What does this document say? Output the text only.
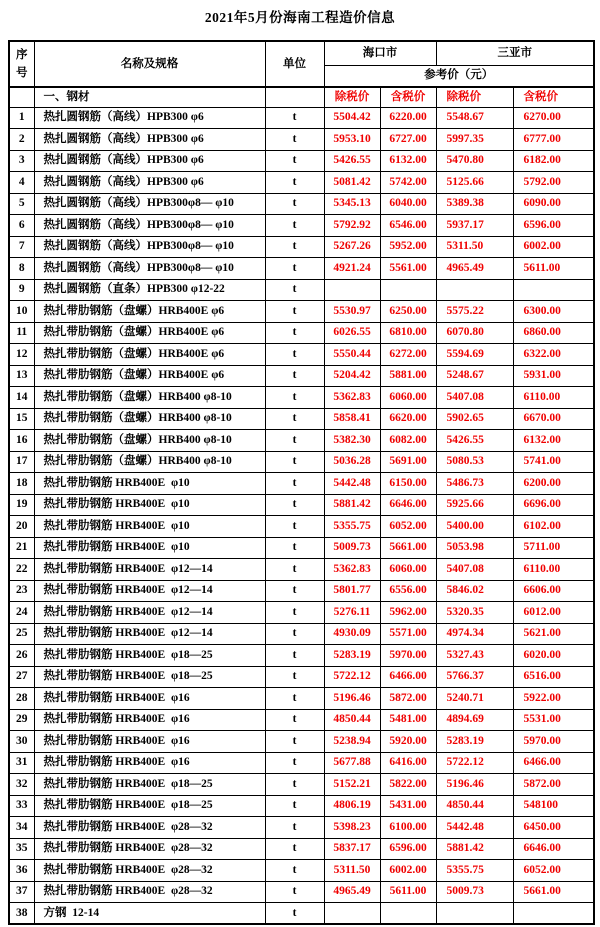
2021年5月份海南工程造价信息
序
号	名称及规格	单位	海口市		三亚市	
			参考价（元）			
	一、钢材		除税价	含税价	除税价	含税价
1	热扎圆钢筋（高线）HPB300 φ6	t	5504.42	6220.00	5548.67	6270.00
2	热扎圆钢筋（高线）HPB300 φ6	t	5953.10	6727.00	5997.35	6777.00
3	热扎圆钢筋（高线）HPB300 φ6	t	5426.55	6132.00	5470.80	6182.00
4	热扎圆钢筋（高线）HPB300 φ6	t	5081.42	5742.00	5125.66	5792.00
5	热扎圆钢筋（高线）HPB300φ8— φ10	t	5345.13	6040.00	5389.38	6090.00
6	热扎圆钢筋（高线）HPB300φ8— φ10	t	5792.92	6546.00	5937.17	6596.00
7	热扎圆钢筋（高线）HPB300φ8— φ10	t	5267.26	5952.00	5311.50	6002.00
8	热扎圆钢筋（高线）HPB300φ8— φ10	t	4921.24	5561.00	4965.49	5611.00
9	热扎圆钢筋（直条）HPB300 φ12-22	t				
10	热扎带肋钢筋（盘螺）HRB400E φ6	t	5530.97	6250.00	5575.22	6300.00
11	热扎带肋钢筋（盘螺）HRB400E φ6	t	6026.55	6810.00	6070.80	6860.00
12	热扎带肋钢筋（盘螺）HRB400E φ6	t	5550.44	6272.00	5594.69	6322.00
13	热扎带肋钢筋（盘螺）HRB400E φ6	t	5204.42	5881.00	5248.67	5931.00
14	热扎带肋钢筋（盘螺）HRB400 φ8-10	t	5362.83	6060.00	5407.08	6110.00
15	热扎带肋钢筋（盘螺）HRB400 φ8-10	t	5858.41	6620.00	5902.65	6670.00
16	热扎带肋钢筋（盘螺）HRB400 φ8-10	t	5382.30	6082.00	5426.55	6132.00
17	热扎带肋钢筋（盘螺）HRB400 φ8-10	t	5036.28	5691.00	5080.53	5741.00
18	热扎带肋钢筋 HRB400E  φ10	t	5442.48	6150.00	5486.73	6200.00
19	热扎带肋钢筋 HRB400E  φ10	t	5881.42	6646.00	5925.66	6696.00
20	热扎带肋钢筋 HRB400E  φ10	t	5355.75	6052.00	5400.00	6102.00
21	热扎带肋钢筋 HRB400E  φ10	t	5009.73	5661.00	5053.98	5711.00
22	热扎带肋钢筋 HRB400E  φ12—14	t	5362.83	6060.00	5407.08	6110.00
23	热扎带肋钢筋 HRB400E  φ12—14	t	5801.77	6556.00	5846.02	6606.00
24	热扎带肋钢筋 HRB400E  φ12—14	t	5276.11	5962.00	5320.35	6012.00
25	热扎带肋钢筋 HRB400E  φ12—14	t	4930.09	5571.00	4974.34	5621.00
26	热扎带肋钢筋 HRB400E  φ18—25	t	5283.19	5970.00	5327.43	6020.00
27	热扎带肋钢筋 HRB400E  φ18—25	t	5722.12	6466.00	5766.37	6516.00
28	热扎带肋钢筋 HRB400E  φ16	t	5196.46	5872.00	5240.71	5922.00
29	热扎带肋钢筋 HRB400E  φ16	t	4850.44	5481.00	4894.69	5531.00
30	热扎带肋钢筋 HRB400E  φ16	t	5238.94	5920.00	5283.19	5970.00
31	热扎带肋钢筋 HRB400E  φ16	t	5677.88	6416.00	5722.12	6466.00
32	热扎带肋钢筋 HRB400E  φ18—25	t	5152.21	5822.00	5196.46	5872.00
33	热扎带肋钢筋 HRB400E  φ18—25	t	4806.19	5431.00	4850.44	548100
34	热扎带肋钢筋 HRB400E  φ28—32	t	5398.23	6100.00	5442.48	6450.00
35	热扎带肋钢筋 HRB400E  φ28—32	t	5837.17	6596.00	5881.42	6646.00
36	热扎带肋钢筋 HRB400E  φ28—32	t	5311.50	6002.00	5355.75	6052.00
37	热扎带肋钢筋 HRB400E  φ28—32	t	4965.49	5611.00	5009.73	5661.00
38	方钢  12-14	t				
